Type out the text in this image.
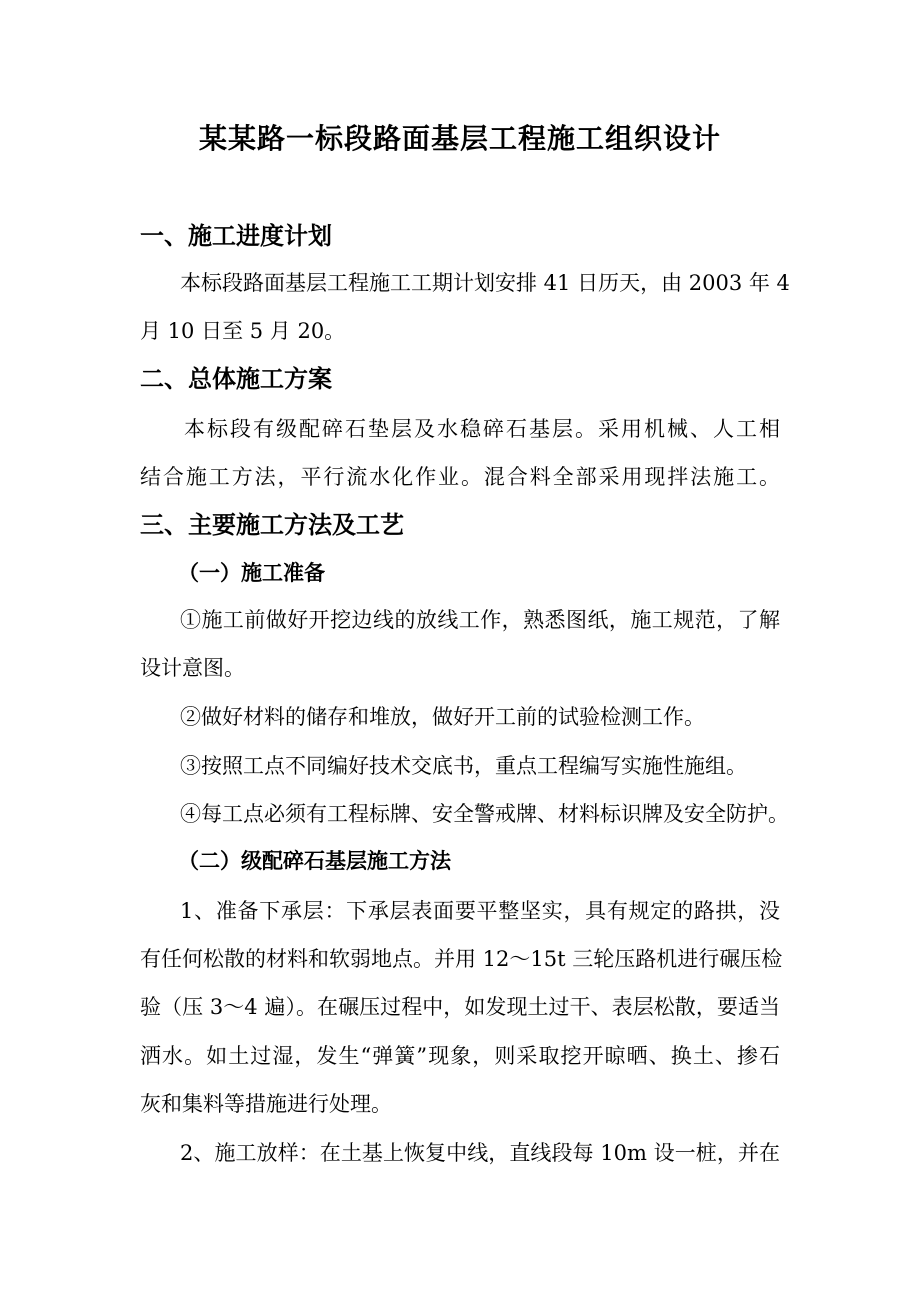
某某路一标段路面基层工程施工组织设计
一、施工进度计划
本标段路面基层工程施工工期计划安排 41 日历天，由 2003 年 4
月 10 日至 5 月 20。
二、总体施工方案
本标段有级配碎石垫层及水稳碎石基层。采用机械、人工相
结合施工方法，平行流水化作业。混合料全部采用现拌法施工。
三、主要施工方法及工艺
（一）施工准备
①施工前做好开挖边线的放线工作，熟悉图纸，施工规范，了解
设计意图。
②做好材料的储存和堆放，做好开工前的试验检测工作。
③按照工点不同编好技术交底书，重点工程编写实施性施组。
④每工点必须有工程标牌、安全警戒牌、材料标识牌及安全防护。
（二）级配碎石基层施工方法
1、准备下承层：下承层表面要平整坚实，具有规定的路拱，没
有任何松散的材料和软弱地点。并用 12～15t 三轮压路机进行碾压检
验（压 3～4 遍）。在碾压过程中，如发现土过干、表层松散，要适当
洒水。如土过湿，发生“弹簧”现象，则采取挖开晾晒、换土、掺石
灰和集料等措施进行处理。
2、施工放样：在土基上恢复中线，直线段每 10m 设一桩，并在
